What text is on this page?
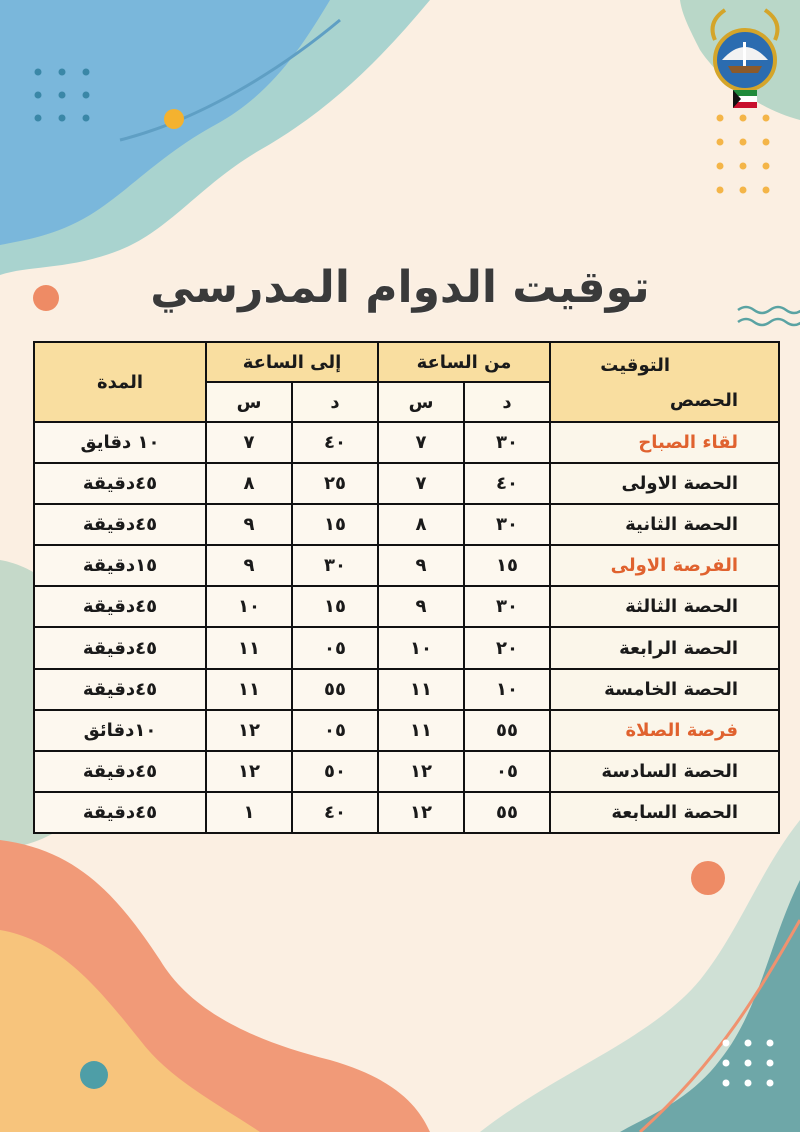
توقيت الدوام المدرسي
التوقيت
الحصص	من الساعة		إلى الساعة		المدة
	د	س	د	س	
لقاء الصباح	٣٠	٧	٤٠	٧	١٠ دقايق
الحصة الاولى	٤٠	٧	٢٥	٨	٤٥دقيقة
الحصة الثانية	٣٠	٨	١٥	٩	٤٥دقيقة
الفرصة الاولى	١٥	٩	٣٠	٩	١٥دقيقة
الحصة الثالثة	٣٠	٩	١٥	١٠	٤٥دقيقة
الحصة الرابعة	٢٠	١٠	٠٥	١١	٤٥دقيقة
الحصة الخامسة	١٠	١١	٥٥	١١	٤٥دقيقة
فرصة الصلاة	٥٥	١١	٠٥	١٢	١٠دقائق
الحصة السادسة	٠٥	١٢	٥٠	١٢	٤٥دقيقة
الحصة السابعة	٥٥	١٢	٤٠	١	٤٥دقيقة
